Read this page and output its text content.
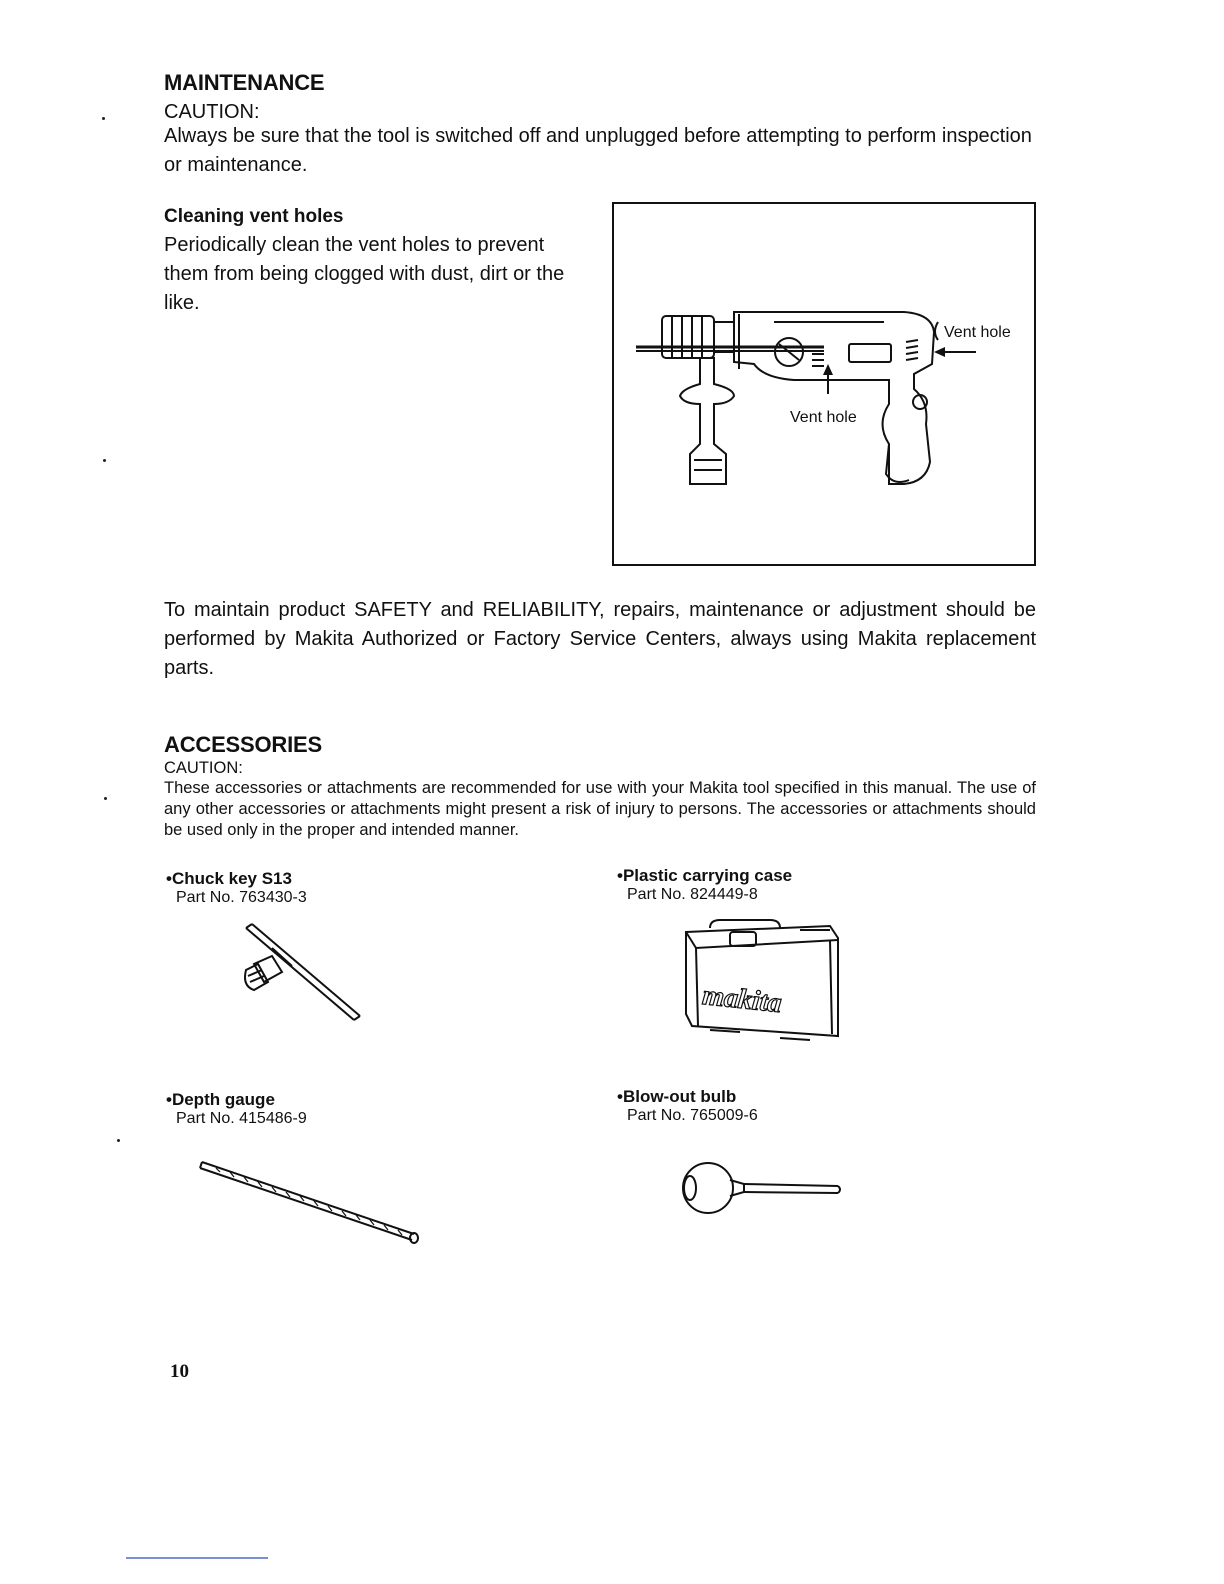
MAINTENANCE
CAUTION:
Always be sure that the tool is switched off and unplugged before attempting to perform inspection or maintenance.
Cleaning vent holes
Periodically clean the vent holes to prevent them from being clogged with dust, dirt or the like.
Vent hole
Vent hole
To maintain product SAFETY and RELIABILITY, repairs, maintenance or adjustment should be performed by Makita Authorized or Factory Service Centers, always using Makita replacement parts.
ACCESSORIES
CAUTION:
These accessories or attachments are recommended for use with your Makita tool specified in this manual. The use of any other accessories or attachments might present a risk of injury to persons. The accessories or attachments should be used only in the proper and intended manner.
•Chuck key S13
Part No. 763430-3
•Plastic carrying case
Part No. 824449-8
makita
•Depth gauge
Part No. 415486-9
•Blow-out bulb
Part No. 765009-6
10
